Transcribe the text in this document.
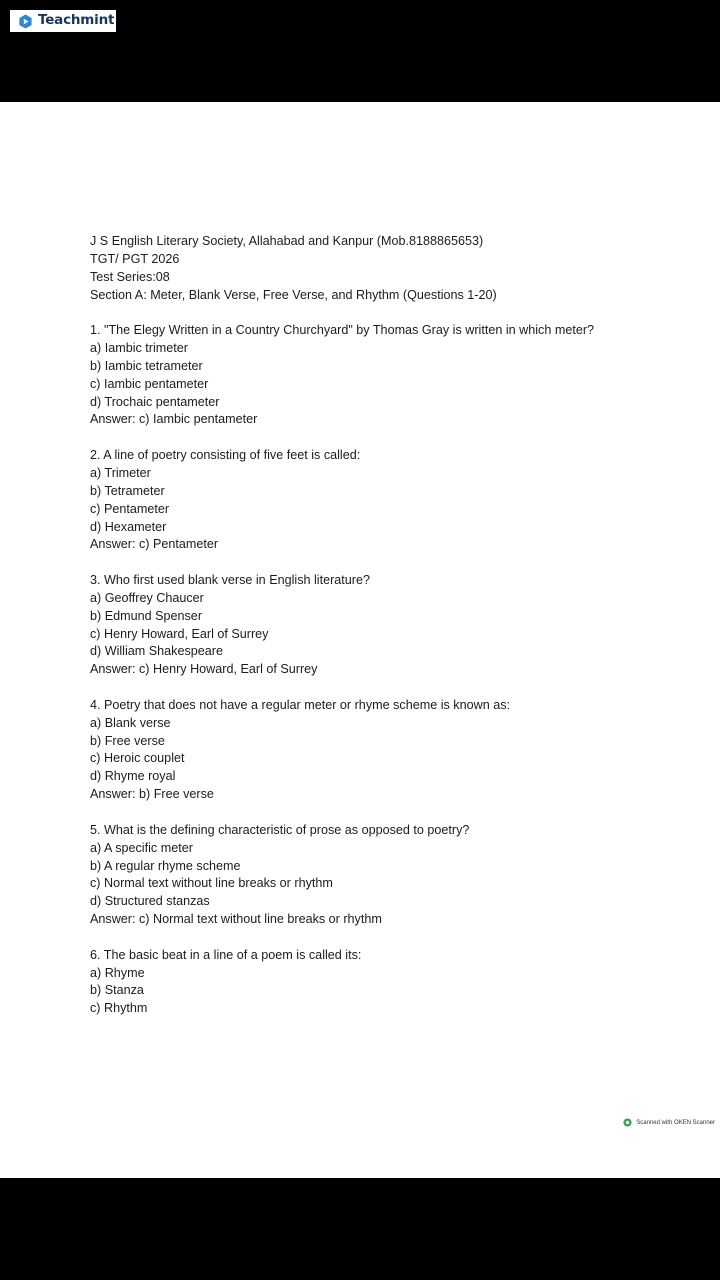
Teachmint
J S English Literary Society, Allahabad and Kanpur (Mob.8188865653)
TGT/ PGT 2026
Test Series:08
Section A: Meter, Blank Verse, Free Verse, and Rhythm (Questions 1-20)
1. "The Elegy Written in a Country Churchyard" by Thomas Gray is written in which meter?
a) Iambic trimeter
b) Iambic tetrameter
c) Iambic pentameter
d) Trochaic pentameter
Answer: c) Iambic pentameter
2. A line of poetry consisting of five feet is called:
a) Trimeter
b) Tetrameter
c) Pentameter
d) Hexameter
Answer: c) Pentameter
3. Who first used blank verse in English literature?
a) Geoffrey Chaucer
b) Edmund Spenser
c) Henry Howard, Earl of Surrey
d) William Shakespeare
Answer: c) Henry Howard, Earl of Surrey
4. Poetry that does not have a regular meter or rhyme scheme is known as:
a) Blank verse
b) Free verse
c) Heroic couplet
d) Rhyme royal
Answer: b) Free verse
5. What is the defining characteristic of prose as opposed to poetry?
a) A specific meter
b) A regular rhyme scheme
c) Normal text without line breaks or rhythm
d) Structured stanzas
Answer: c) Normal text without line breaks or rhythm
6. The basic beat in a line of a poem is called its:
a) Rhyme
b) Stanza
c) Rhythm
Scanned with OKEN Scanner
